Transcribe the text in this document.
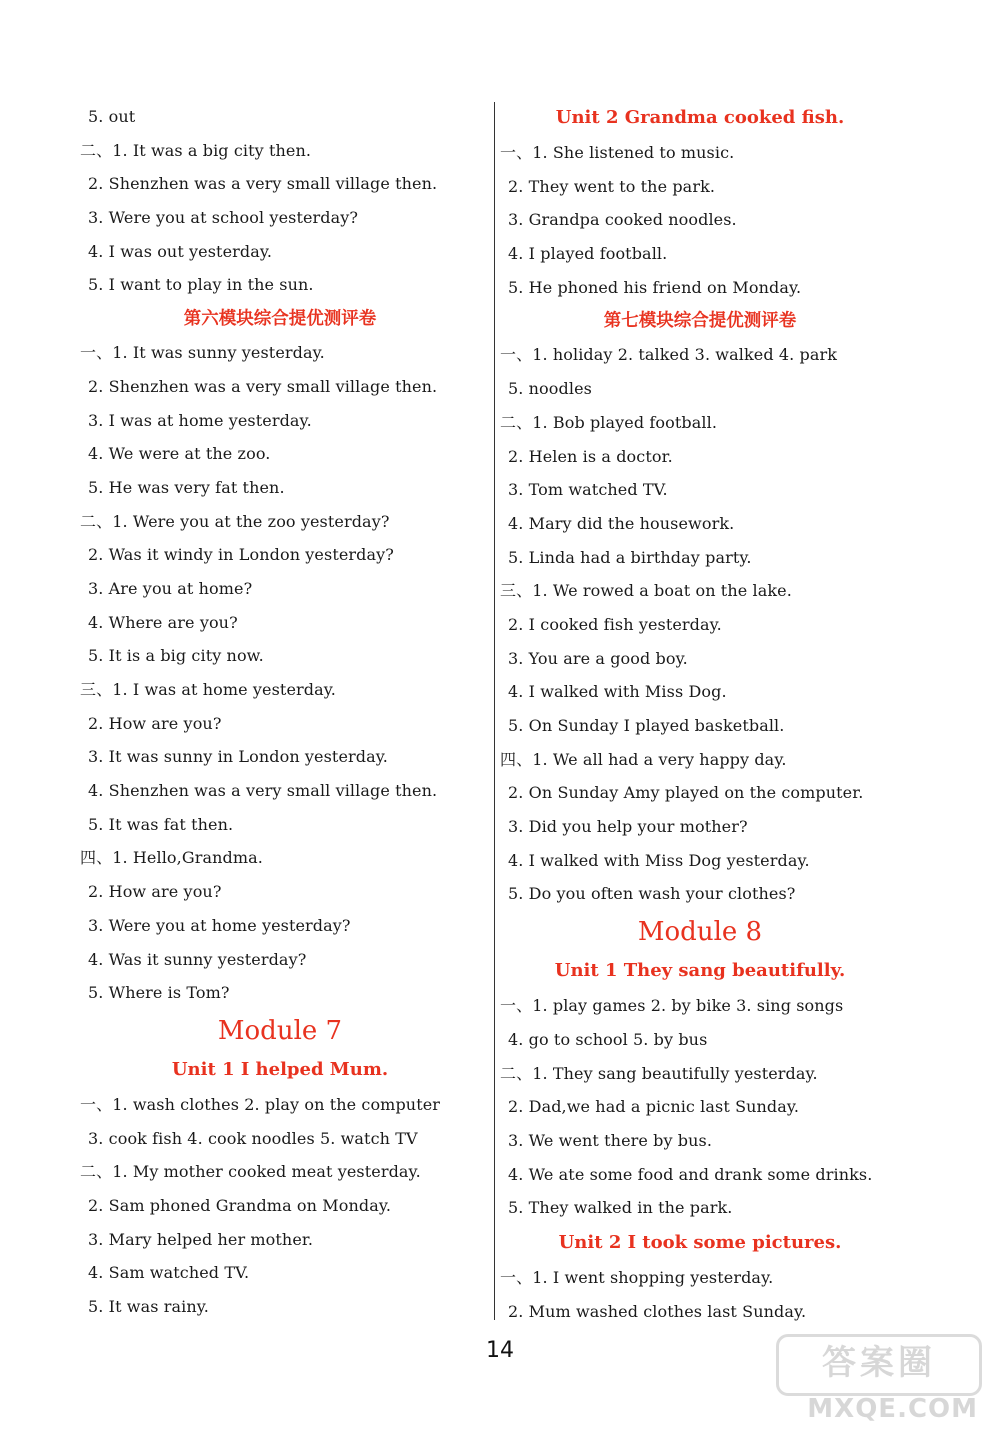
5. out
二、1. It was a big city then.
2. Shenzhen was a very small village then.
3. Were you at school yesterday?
4. I was out yesterday.
5. I want to play in the sun.
第六模块综合提优测评卷
一、1. It was sunny yesterday.
2. Shenzhen was a very small village then.
3. I was at home yesterday.
4. We were at the zoo.
5. He was very fat then.
二、1. Were you at the zoo yesterday?
2. Was it windy in London yesterday?
3. Are you at home?
4. Where are you?
5. It is a big city now.
三、1. I was at home yesterday.
2. How are you?
3. It was sunny in London yesterday.
4. Shenzhen was a very small village then.
5. It was fat then.
四、1. Hello,Grandma.
2. How are you?
3. Were you at home yesterday?
4. Was it sunny yesterday?
5. Where is Tom?
Module 7
Unit 1 I helped Mum.
一、1. wash clothes 2. play on the computer
3. cook fish 4. cook noodles 5. watch TV
二、1. My mother cooked meat yesterday.
2. Sam phoned Grandma on Monday.
3. Mary helped her mother.
4. Sam watched TV.
5. It was rainy.
Unit 2 Grandma cooked fish.
一、1. She listened to music.
2. They went to the park.
3. Grandpa cooked noodles.
4. I played football.
5. He phoned his friend on Monday.
第七模块综合提优测评卷
一、1. holiday 2. talked 3. walked 4. park
5. noodles
二、1. Bob played football.
2. Helen is a doctor.
3. Tom watched TV.
4. Mary did the housework.
5. Linda had a birthday party.
三、1. We rowed a boat on the lake.
2. I cooked fish yesterday.
3. You are a good boy.
4. I walked with Miss Dog.
5. On Sunday I played basketball.
四、1. We all had a very happy day.
2. On Sunday Amy played on the computer.
3. Did you help your mother?
4. I walked with Miss Dog yesterday.
5. Do you often wash your clothes?
Module 8
Unit 1 They sang beautifully.
一、1. play games 2. by bike 3. sing songs
4. go to school 5. by bus
二、1. They sang beautifully yesterday.
2. Dad,we had a picnic last Sunday.
3. We went there by bus.
4. We ate some food and drank some drinks.
5. They walked in the park.
Unit 2 I took some pictures.
一、1. I went shopping yesterday.
2. Mum washed clothes last Sunday.
14	答案圈
MXQE.COM
